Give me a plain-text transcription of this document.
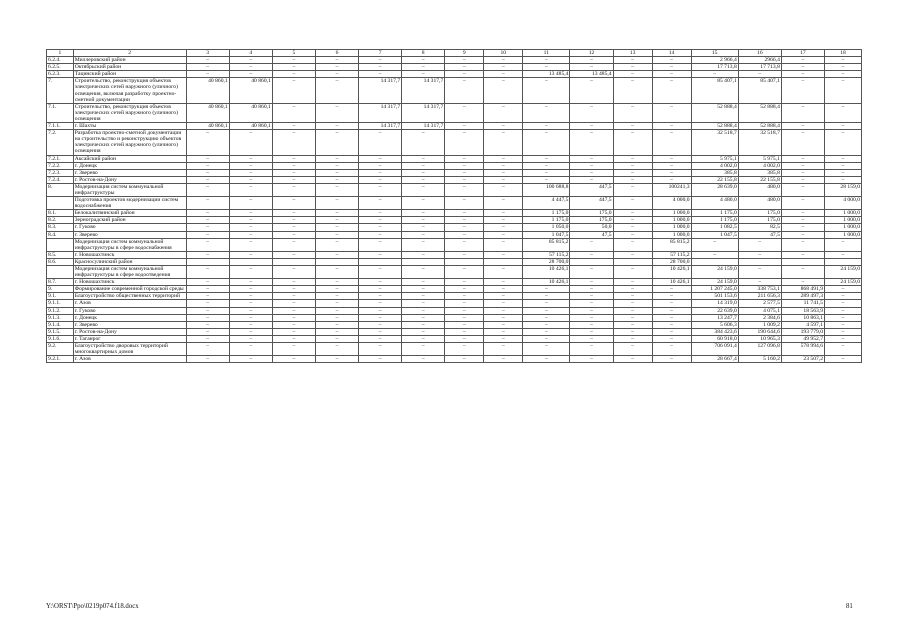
1	2	3	4	5	6	7	8	9	10	11	12	13	14	15	16	17	18
6.2.4.	Миллеровский район	–	–	–	–	–	–	–	–	–	–	–	–	2 966,4	2966,4	–	–
6.2.5.	Октябрьский район	–	–	–	–	–	–	–	–	–	–	–	–	17 713,8	17 713,8	–	–
6.2.3.	Тацинский район	–	–	–	–	–	–	–	–	13 485,4	13 485,4	–	–	–	–	–	–
7.	Строительство, реконструкция объектов электрических сетей наружного (уличного) освещения, включая разработку проектно-сметной документации	40 860,1	40 860,1	–	–	14 317,7	14 317,7	–	–	–	–	–	–	85 407,1	85 407,1	–	–
7.1.	Строительство, реконструкция объектов электрических сетей наружного (уличного) освещения	40 860,1	40 860,1	–	–	14 317,7	14 317,7	–	–	–	–	–	–	52 888,4	52 888,4	–	–
7.1.1.	г. Шахты	40 860,1	40 860,1	–	–	14 317,7	14 317,7	–	–	–	–	–	–	52 888,4	52 888,4	–	–
7.2.	Разработка проектно-сметной документации на строительство и реконструкцию объектов электрических сетей наружного (уличного) освещения	–	–	–	–	–	–	–	–	–	–	–	–	32 518,7	32 518,7	–	–
7.2.1.	Аксайский район	–	–	–	–	–	–	–	–	–	–	–	–	5 975,1	5 975,1	–	–
7.2.2.	г. Донецк	–	–	–	–	–	–	–	–	–	–	–	–	4 002,0	4 002,0	–	–
7.2.3.	г. Зверево	–	–	–	–	–	–	–	–	–	–	–	–	385,8	385,8	–	–
7.2.4.	г. Ростов-на-Дону	–	–	–	–	–	–	–	–	–	–	–	–	22 155,8	22 155,8	–	–
8.	Модернизация систем коммунальной инфраструктуры	–	–	–	–	–	–	–	–	100 688,8	447,5	–	100241,3	28 639,0	480,0	–	28 159,0
	Подготовка проектов модернизации систем водоснабжения	–	–	–	–	–	–	–	–	4 447,5	447,5	–	4 000,0	4 480,0	480,0	–	4 000,0
8.1.	Белокалитвинский район	–	–	–	–	–	–	–	–	1 175,0	175,0	–	1 000,0	1 175,0	175,0	–	1 000,0
8.2.	Зерноградский район	–	–	–	–	–	–	–	–	1 175,0	175,0	–	1 000,0	1 175,0	175,0	–	1 000,0
8.3.	г. Гуково	–	–	–	–	–	–	–	–	1 050,0	50,0	–	1 000,0	1 082,5	82,5	–	1 000,0
8.4.	г. Зверево	–	–	–	–	–	–	–	–	1 047,5	47,5	–	1 000,0	1 047,5	47,5	–	1 000,0
	Модернизация систем коммунальной инфраструктуры в сфере водоснабжения	–	–	–	–	–	–	–	–	85 815,2	–	–	85 815,2	–	–	–	–
8.5.	г. Новошахтинск	–	–	–	–	–	–	–	–	57 115,2	–	–	57 115,2	–	–	–	–
8.6.	Красносулинский район									28 700,0			28 700,0				
	Модернизация систем коммунальной инфраструктуры в сфере водоотведения	–	–	–	–	–	–	–	–	10 426,1	–	–	10 426,1	24 159,0	–	–	24 159,0
8.7.	г. Новошахтинск	–	–	–	–	–	–	–	–	10 426,1	–	–	10 426,1	24 159,0	–	–	24 159,0
9.	Формирование современной городской среды	–	–	–	–	–	–	–	–	–	–	–	–	1 207 245,0	338 753,1	868 491,9	–
9.1.	Благоустройство общественных территорий	–	–	–	–	–	–	–	–	–	–	–	–	501 153,6	211 656,3	289 497,3	–
9.1.1.	г. Азов	–	–	–	–	–	–	–	–	–	–	–	–	14 319,0	2 577,5	11 741,5	–
9.1.2.	г. Гуково	–	–	–	–	–	–	–	–	–	–	–	–	22 639,0	4 075,1	18 563,9	–
9.1.3.	г. Донецк	–	–	–	–	–	–	–	–	–	–	–	–	13 247,7	2 384,6	10 863,1	–
9.1.4.	г. Зверево	–	–	–	–	–	–	–	–	–	–	–	–	5 606,3	1 009,2	4 597,1	–
9.1.5.	г. Ростов-на-Дону	–	–	–	–	–	–	–	–	–	–	–	–	384 423,6	190 644,6	193 779,0	–
9.1.6.	г. Таганрог	–	–	–	–	–	–	–	–	–	–	–	–	60 918,0	10 965,3	49 952,7	–
9.2.	Благоустройство дворовых территорий многоквартирных домов	–	–	–	–	–	–	–	–	–	–	–	–	706 091,4	127 096,8	578 994,6	–
9.2.1.	г. Азов	–	–	–	–	–	–	–	–	–	–	–	–	28 667,4	5 160,2	23 507,2	–
Y:\ORST\Ppo\0219p074.f18.docx	81
